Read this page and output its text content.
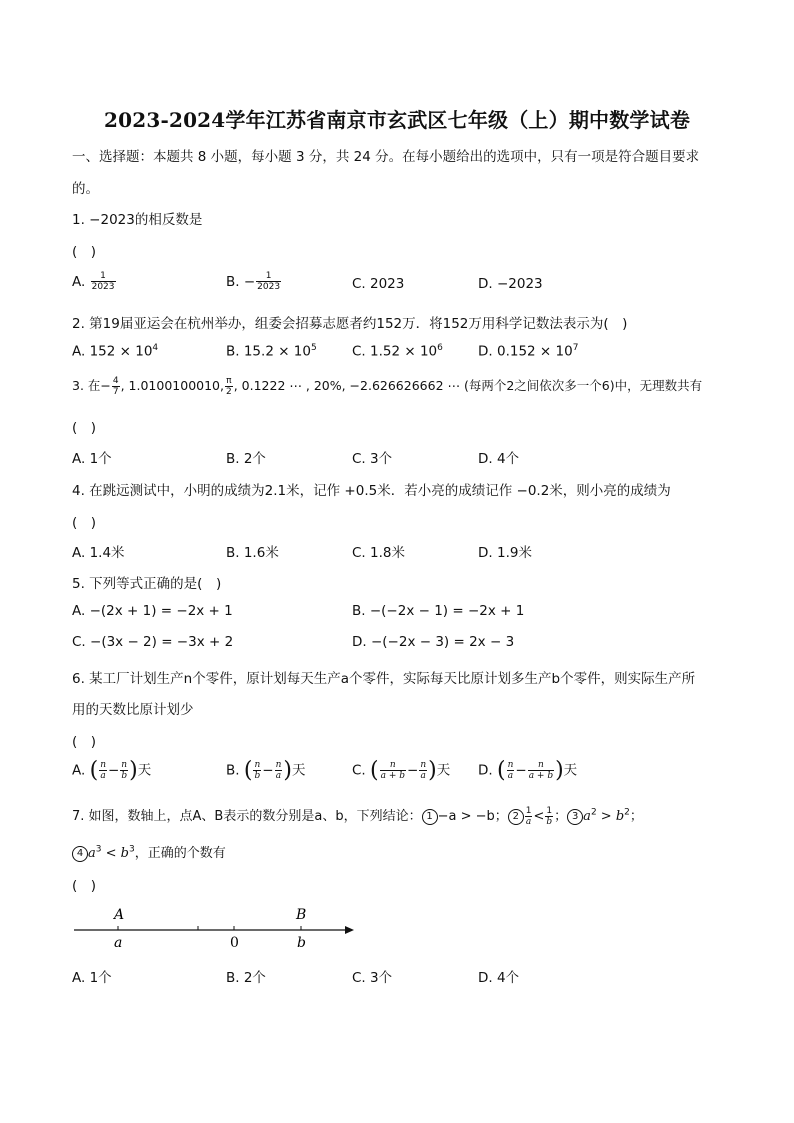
2023-2024学年江苏省南京市玄武区七年级（上）期中数学试卷
一、选择题：本题共 8 小题，每小题 3 分，共 24 分。在每小题给出的选项中，只有一项是符合题目要求
的。
1. −2023的相反数是
(　)
A. $\frac{1}{2023}$	B. − $\frac{1}{2023}$	C. 2023	D. −2023
2. 第19届亚运会在杭州举办，组委会招募志愿者约152万．将152万用科学记数法表示为(　)
A. $152 \times 10^4$	B. $15.2 \times 10^5$	C. $1.52 \times 10^6$	D. $0.152 \times 10^7$
3. 在− $\frac{4}{7}$ , 1.0100100010, $\frac{\pi}{2}$ , 0.1222 ⋯ , 20%, −2.626626662 ⋯ (每两个2之间依次多一个6)中，无理数共有
(　)
A. 1个	B. 2个	C. 3个	D. 4个
4. 在跳远测试中，小明的成绩为2.1米，记作 +0.5米．若小亮的成绩记作 −0.2米，则小亮的成绩为
(　)
A. 1.4米	B. 1.6米	C. 1.8米	D. 1.9米
5. 下列等式正确的是(　)
A. −(2x + 1) = −2x + 1	B. −(−2x − 1) = −2x + 1
C. −(3x − 2) = −3x + 2	D. −(−2x − 3) = 2x − 3
6. 某工厂计划生产n个零件，原计划每天生产a个零件，实际每天比原计划多生产b个零件，则实际生产所
用的天数比原计划少
(　)
A. ( $\frac{n}{a} - \frac{n}{b}$ )天	B. ( $\frac{n}{b} - \frac{n}{a}$ )天	C. ( $\frac{n}{a + b} - \frac{n}{a}$ )天 D. ( $\frac{n}{a} - \frac{n}{a + b}$ )天
7. 如图，数轴上，点A、B表示的数分别是a、b，下列结论： 1 −a > −b； $2 \frac{1}{a} < \frac{1}{b}$ ； 3 $a^2 > b^2$；
4 $a^3 < b^3$，正确的个数有
(　)
A
a	0
B
b
A. 1个	B. 2个	C. 3个	D. 4个
